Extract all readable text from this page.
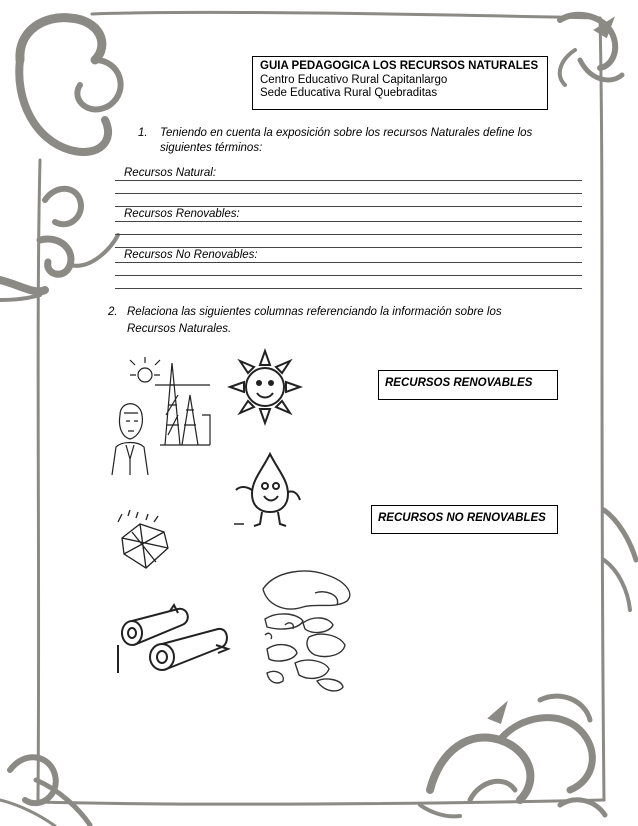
GUIA PEDAGOGICA LOS RECURSOS NATURALES
Centro Educativo Rural Capitanlargo
Sede Educativa Rural Quebraditas
1. Teniendo en cuenta la exposición sobre los recursos Naturales define los
siguientes términos:
Recursos Natural:
Recursos Renovables:
Recursos No Renovables:
2. Relaciona las siguientes columnas referenciando la información sobre los
Recursos Naturales.
RECURSOS RENOVABLES
RECURSOS NO RENOVABLES
